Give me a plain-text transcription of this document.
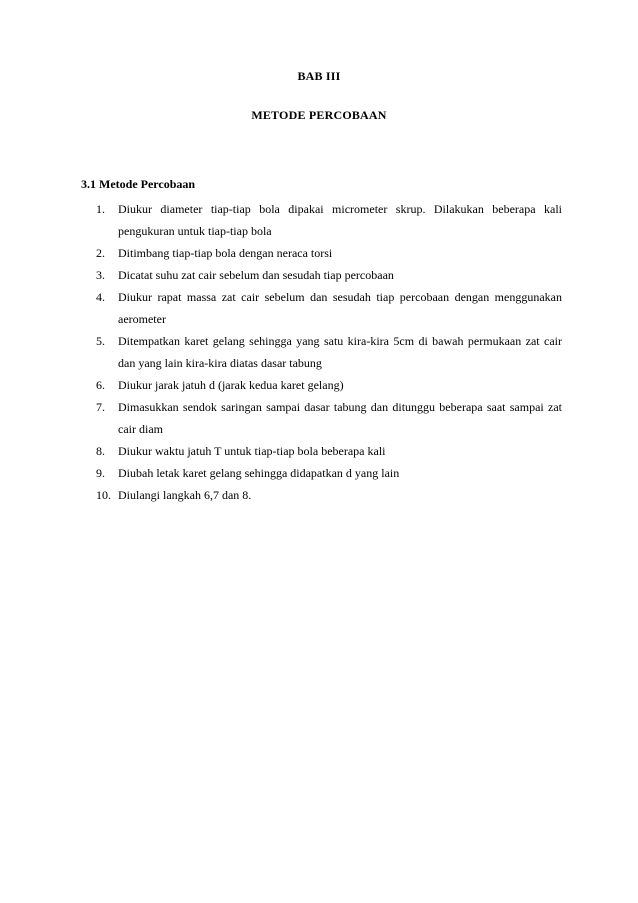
BAB III
METODE PERCOBAAN
3.1 Metode Percobaan
1. Diukur diameter tiap-tiap bola dipakai micrometer skrup. Dilakukan beberapa kali pengukuran untuk tiap-tiap bola
2. Ditimbang tiap-tiap bola dengan neraca torsi
3. Dicatat suhu zat cair sebelum dan sesudah tiap percobaan
4. Diukur rapat massa zat cair sebelum dan sesudah tiap percobaan dengan menggunakan aerometer
5. Ditempatkan karet gelang sehingga yang satu kira-kira 5cm di bawah permukaan zat cair dan yang lain kira-kira diatas dasar tabung
6. Diukur jarak jatuh d (jarak kedua karet gelang)
7. Dimasukkan sendok saringan sampai dasar tabung dan ditunggu beberapa saat sampai zat cair diam
8. Diukur waktu jatuh T untuk tiap-tiap bola beberapa kali
9. Diubah letak karet gelang sehingga didapatkan d yang lain
10. Diulangi langkah 6,7 dan 8.
